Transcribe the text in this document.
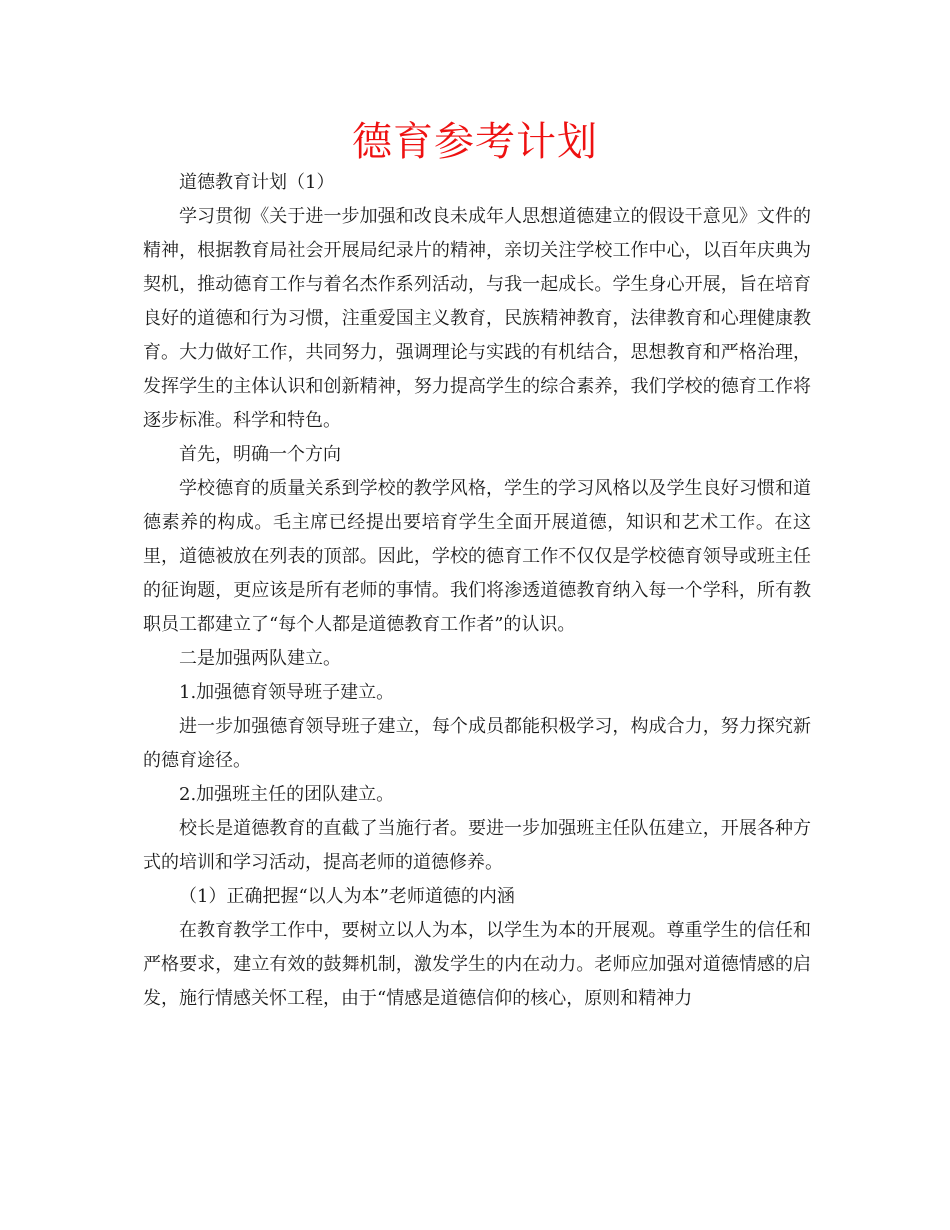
德育参考计划

道德教育计划（1）

学习贯彻《关于进一步加强和改良未成年人思想道德建立的假设干意见》文件的精神，根据教育局社会开展局纪录片的精神，亲切关注学校工作中心，以百年庆典为契机，推动德育工作与着名杰作系列活动，与我一起成长。学生身心开展，旨在培育良好的道德和行为习惯，注重爱国主义教育，民族精神教育，法律教育和心理健康教育。大力做好工作，共同努力，强调理论与实践的有机结合，思想教育和严格治理，发挥学生的主体认识和创新精神，努力提高学生的综合素养，我们学校的德育工作将逐步标准。科学和特色。

首先，明确一个方向

学校德育的质量关系到学校的教学风格，学生的学习风格以及学生良好习惯和道德素养的构成。毛主席已经提出要培育学生全面开展道德，知识和艺术工作。在这里，道德被放在列表的顶部。因此，学校的德育工作不仅仅是学校德育领导或班主任的征询题，更应该是所有老师的事情。我们将渗透道德教育纳入每一个学科，所有教职员工都建立了“每个人都是道德教育工作者”的认识。

二是加强两队建立。

1.加强德育领导班子建立。

进一步加强德育领导班子建立，每个成员都能积极学习，构成合力，努力探究新的德育途径。

2.加强班主任的团队建立。

校长是道德教育的直截了当施行者。要进一步加强班主任队伍建立，开展各种方式的培训和学习活动，提高老师的道德修养。

（1）正确把握“以人为本”老师道德的内涵

在教育教学工作中，要树立以人为本，以学生为本的开展观。尊重学生的信任和严格要求，建立有效的鼓舞机制，激发学生的内在动力。老师应加强对道德情感的启发，施行情感关怀工程，由于“情感是道德信仰的核心，原则和精神力
